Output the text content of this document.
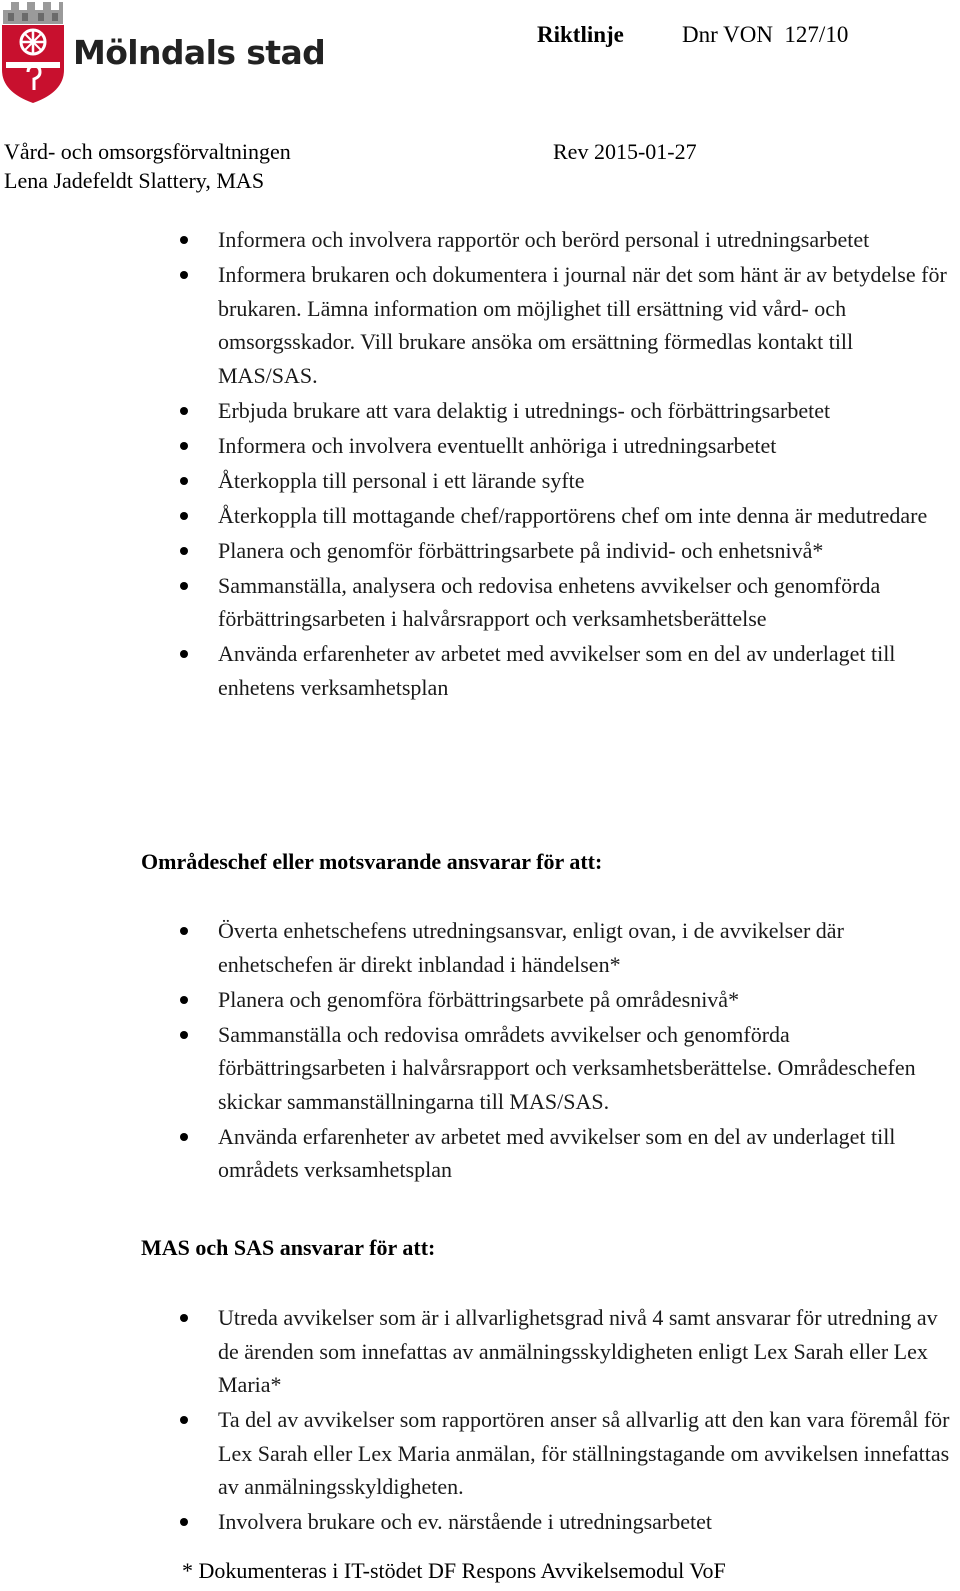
Mölndals stad	Riktlinje	Dnr VON  127/10
Vård- och omsorgsförvaltningen	Rev 2015-01-27
Lena Jadefeldt Slattery, MAS
Informera och involvera rapportör och berörd personal i utredningsarbetet
Informera brukaren och dokumentera i journal när det som hänt är av betydelse för brukaren. Lämna information om möjlighet till ersättning vid vård- och omsorgsskador. Vill brukare ansöka om ersättning förmedlas kontakt till MAS/SAS.
Erbjuda brukare att vara delaktig i utrednings- och förbättringsarbetet
Informera och involvera eventuellt anhöriga i utredningsarbetet
Återkoppla till personal i ett lärande syfte
Återkoppla till mottagande chef/rapportörens chef om inte denna är medutredare
Planera och genomför förbättringsarbete på individ- och enhetsnivå*
Sammanställa, analysera och redovisa enhetens avvikelser och genomförda förbättringsarbeten i halvårsrapport och verksamhetsberättelse
Använda erfarenheter av arbetet med avvikelser som en del av underlaget till enhetens verksamhetsplan
Områdeschef eller motsvarande ansvarar för att:
Överta enhetschefens utredningsansvar, enligt ovan, i de avvikelser där enhetschefen är direkt inblandad i händelsen*
Planera och genomföra förbättringsarbete på områdesnivå*
Sammanställa och redovisa områdets avvikelser och genomförda förbättringsarbeten i halvårsrapport och verksamhetsberättelse. Områdeschefen skickar sammanställningarna till MAS/SAS.
Använda erfarenheter av arbetet med avvikelser som en del av underlaget till områdets verksamhetsplan
MAS och SAS ansvarar för att:
Utreda avvikelser som är i allvarlighetsgrad nivå 4 samt ansvarar för utredning av de ärenden som innefattas av anmälningsskyldigheten enligt Lex Sarah eller Lex Maria*
Ta del av avvikelser som rapportören anser så allvarlig att den kan vara föremål för Lex Sarah eller Lex Maria anmälan, för ställningstagande om avvikelsen innefattas av anmälningsskyldigheten.
Involvera brukare och ev. närstående i utredningsarbetet
* Dokumenteras i IT-stödet DF Respons Avvikelsemodul VoF
